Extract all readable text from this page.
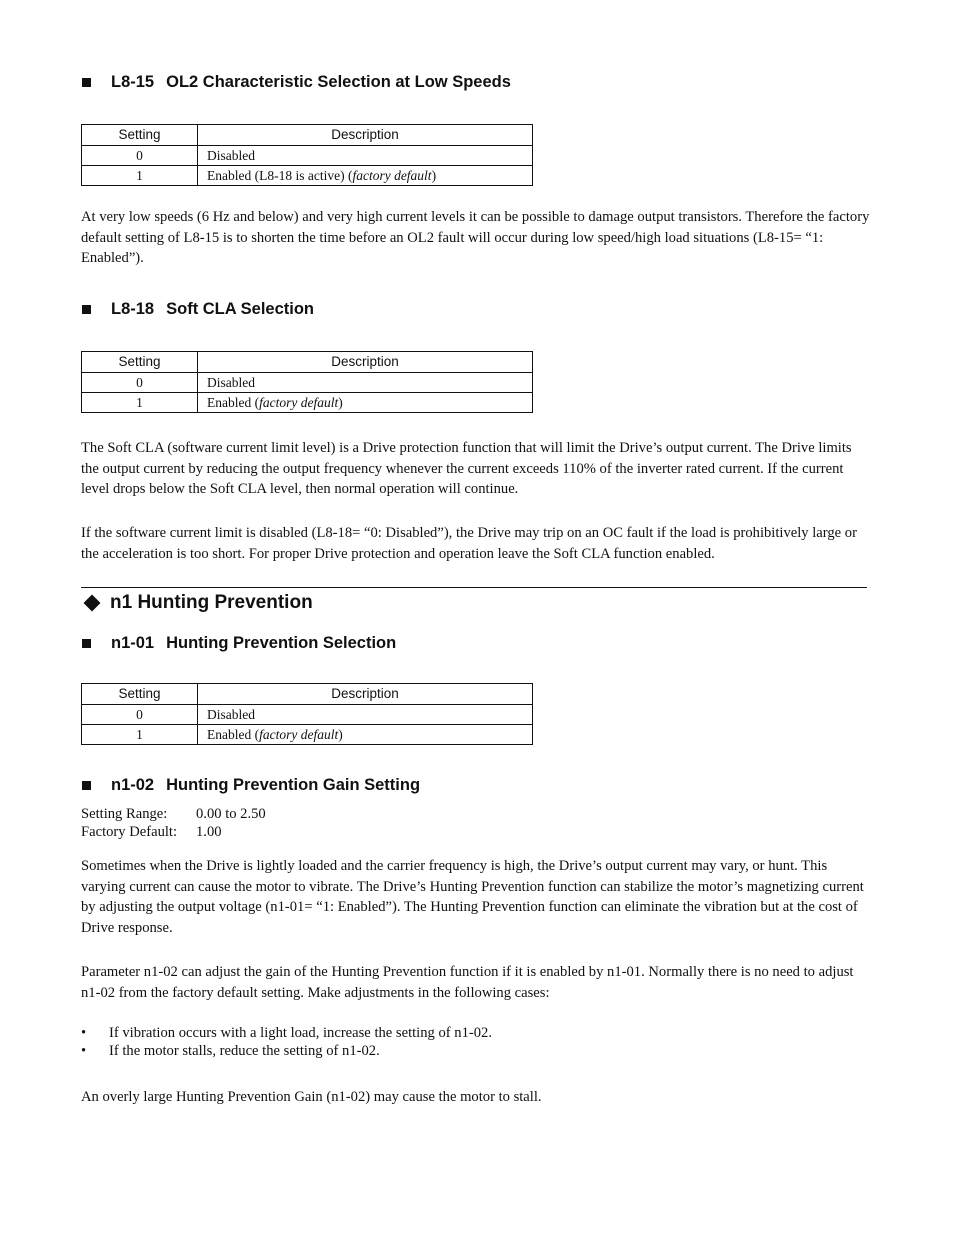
L8-15 OL2 Characteristic Selection at Low Speeds
Setting	Description
0	Disabled
1	Enabled (L8-18 is active) (factory default)

At very low speeds (6 Hz and below) and very high current levels it can be possible to damage output transistors. Therefore the factory default setting of L8-15 is to shorten the time before an OL2 fault will occur during low speed/high load situations (L8-15= “1: Enabled”).

L8-18 Soft CLA Selection
Setting	Description
0	Disabled
1	Enabled (factory default)

The Soft CLA (software current limit level) is a Drive protection function that will limit the Drive’s output current. The Drive limits the output current by reducing the output frequency whenever the current exceeds 110% of the inverter rated current. If the current level drops below the Soft CLA level, then normal operation will continue.

If the software current limit is disabled (L8-18= “0: Disabled”), the Drive may trip on an OC fault if the load is prohibitively large or the acceleration is too short. For proper Drive protection and operation leave the Soft CLA function enabled.

n1 Hunting Prevention
n1-01 Hunting Prevention Selection
Setting	Description
0	Disabled
1	Enabled (factory default)
n1-02 Hunting Prevention Gain Setting
Setting Range:	0.00 to 2.50
Factory Default:	1.00

Sometimes when the Drive is lightly loaded and the carrier frequency is high, the Drive’s output current may vary, or hunt. This varying current can cause the motor to vibrate. The Drive’s Hunting Prevention function can stabilize the motor’s magnetizing current by adjusting the output voltage (n1-01= “1: Enabled”). The Hunting Prevention function can eliminate the vibration but at the cost of Drive response.

Parameter n1-02 can adjust the gain of the Hunting Prevention function if it is enabled by n1-01. Normally there is no need to adjust n1-02 from the factory default setting. Make adjustments in the following cases:

•	If vibration occurs with a light load, increase the setting of n1-02.
•	If the motor stalls, reduce the setting of n1-02.

An overly large Hunting Prevention Gain (n1-02) may cause the motor to stall.
